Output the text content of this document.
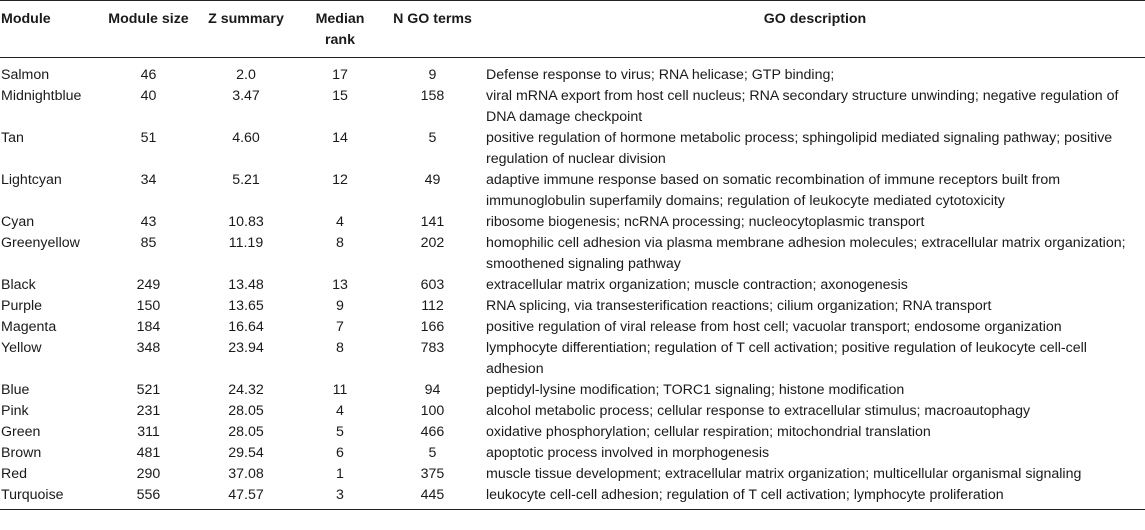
Module	Module size	Z summary	Median rank	N GO terms	GO description
Salmon	46	2.0	17	9	Defense response to virus; RNA helicase; GTP binding;
Midnightblue	40	3.47	15	158	viral mRNA export from host cell nucleus; RNA secondary structure unwinding; negative regulation of DNA damage checkpoint
Tan	51	4.60	14	5	positive regulation of hormone metabolic process; sphingolipid mediated signaling pathway; positive regulation of nuclear division
Lightcyan	34	5.21	12	49	adaptive immune response based on somatic recombination of immune receptors built from immunoglobulin superfamily domains; regulation of leukocyte mediated cytotoxicity
Cyan	43	10.83	4	141	ribosome biogenesis; ncRNA processing; nucleocytoplasmic transport
Greenyellow	85	11.19	8	202	homophilic cell adhesion via plasma membrane adhesion molecules; extracellular matrix organization; smoothened signaling pathway
Black	249	13.48	13	603	extracellular matrix organization; muscle contraction; axonogenesis
Purple	150	13.65	9	112	RNA splicing, via transesterification reactions; cilium organization; RNA transport
Magenta	184	16.64	7	166	positive regulation of viral release from host cell; vacuolar transport; endosome organization
Yellow	348	23.94	8	783	lymphocyte differentiation; regulation of T cell activation; positive regulation of leukocyte cell-cell adhesion
Blue	521	24.32	11	94	peptidyl-lysine modification; TORC1 signaling; histone modification
Pink	231	28.05	4	100	alcohol metabolic process; cellular response to extracellular stimulus; macroautophagy
Green	311	28.05	5	466	oxidative phosphorylation; cellular respiration; mitochondrial translation
Brown	481	29.54	6	5	apoptotic process involved in morphogenesis
Red	290	37.08	1	375	muscle tissue development; extracellular matrix organization; multicellular organismal signaling
Turquoise	556	47.57	3	445	leukocyte cell-cell adhesion; regulation of T cell activation; lymphocyte proliferation
